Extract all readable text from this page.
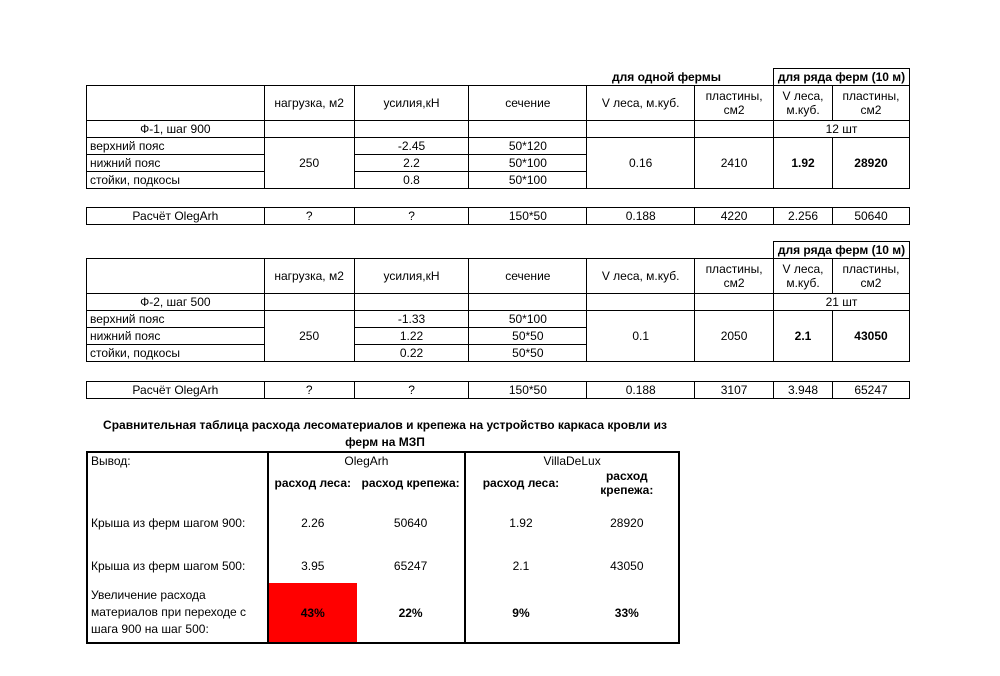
для одной фермы
						для ряда ферм (10 м)	
	нагрузка, м2	усилия,кН	сечение	V леса, м.куб.	пластины, см2	V леса, м.куб.	пластины, см2
Ф-1, шаг 900						12 шт	
верхний пояс	250	-2.45	50*120	0.16	2410	1.92	28920
нижний пояс		2.2	50*100				
стойки, подкосы		0.8	50*100				
Расчёт OlegArh	?	?	150*50	0.188	4220	2.256	50640
						для ряда ферм (10 м)	
	нагрузка, м2	усилия,кН	сечение	V леса, м.куб.	пластины, см2	V леса, м.куб.	пластины, см2
Ф-2, шаг 500						21 шт	
верхний пояс	250	-1.33	50*100	0.1	2050	2.1	43050
нижний пояс		1.22	50*50				
стойки, подкосы		0.22	50*50				
Расчёт OlegArh	?	?	150*50	0.188	3107	3.948	65247
Сравнительная таблица расхода лесоматериалов и крепежа на устройство каркаса кровли из ферм на МЗП
Вывод:	OlegArh		VillaDeLux	
	расход леса:	расход крепежа:	расход леса:	расход крепежа:
Крыша из ферм шагом 900:	2.26	50640	1.92	28920
Крыша из ферм шагом 500:	3.95	65247	2.1	43050
Увеличение расхода материалов при переходе с шага 900 на шаг 500:	43%	22%	9%	33%
